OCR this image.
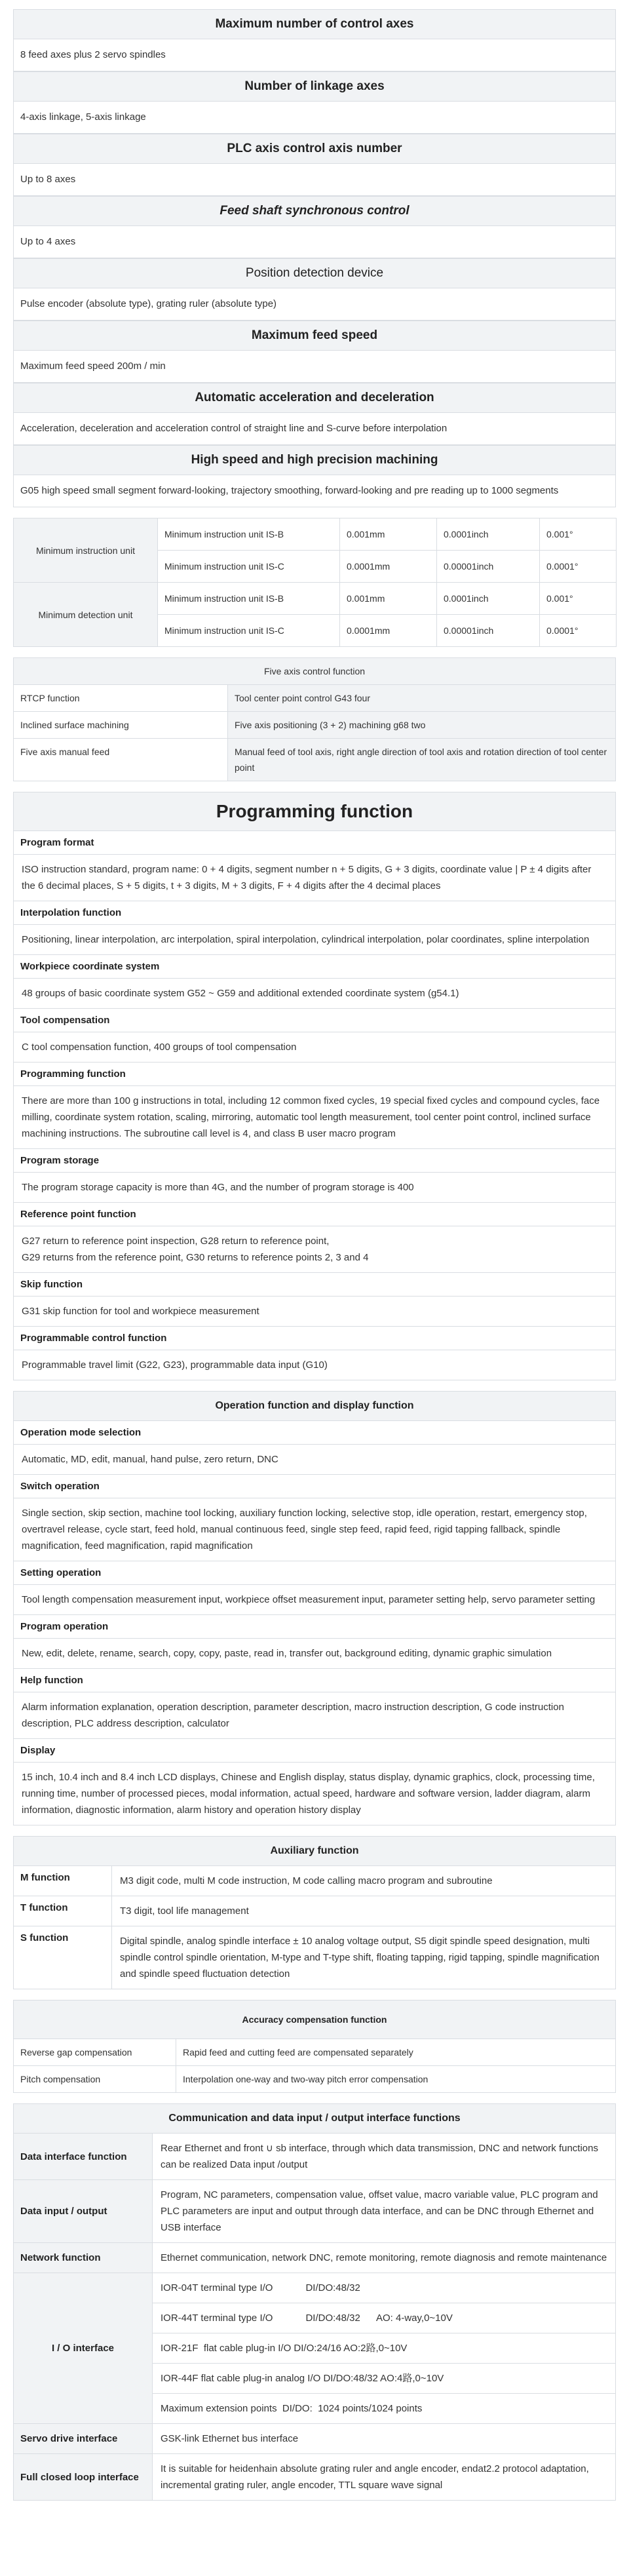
Maximum number of control axes
8 feed axes plus 2 servo spindles
Number of linkage axes
4-axis linkage, 5-axis linkage
PLC axis control axis number
Up to 8 axes
Feed shaft synchronous control
Up to 4 axes
Position detection device
Pulse encoder (absolute type), grating ruler (absolute type)
Maximum feed speed
Maximum feed speed 200m / min
Automatic acceleration and deceleration
Acceleration, deceleration and acceleration control of straight line and S-curve before interpolation
High speed and high precision machining
G05 high speed small segment forward-looking, trajectory smoothing, forward-looking and pre reading up to 1000 segments
Minimum instruction unit	Minimum instruction unit IS-B	0.001mm	0.0001inch	0.001°
	Minimum instruction unit IS-C	0.0001mm	0.00001inch	0.0001°
Minimum detection unit	Minimum instruction unit IS-B	0.001mm	0.0001inch	0.001°
	Minimum instruction unit IS-C	0.0001mm	0.00001inch	0.0001°
Five axis control function	
RTCP function	Tool center point control G43 four
Inclined surface machining	Five axis positioning (3 + 2) machining g68 two
Five axis manual feed	Manual feed of tool axis, right angle direction of tool axis and rotation direction of tool center point
Programming function
Program format

ISO instruction standard, program name: 0 + 4 digits, segment number n + 5 digits, G + 3 digits, coordinate value | P ± 4 digits after the 6 decimal places, S + 5 digits, t + 3 digits, M + 3 digits, F + 4 digits after the 4 decimal places

Interpolation function

Positioning, linear interpolation, arc interpolation, spiral interpolation, cylindrical interpolation, polar coordinates, spline interpolation

Workpiece coordinate system

48 groups of basic coordinate system G52 ~ G59 and additional extended coordinate system (g54.1)

Tool compensation

C tool compensation function, 400 groups of tool compensation

Programming function

There are more than 100 g instructions in total, including 12 common fixed cycles, 19 special fixed cycles and compound cycles, face milling, coordinate system rotation, scaling, mirroring, automatic tool length measurement, tool center point control, inclined surface machining instructions. The subroutine call level is 4, and class B user macro program

Program storage

The program storage capacity is more than 4G, and the number of program storage is 400

Reference point function

G27 return to reference point inspection, G28 return to reference point,
G29 returns from the reference point, G30 returns to reference points 2, 3 and 4

Skip function

G31 skip function for tool and workpiece measurement

Programmable control function

Programmable travel limit (G22, G23), programmable data input (G10)
Operation function and display function
Operation mode selection

Automatic, MD, edit, manual, hand pulse, zero return, DNC

Switch operation

Single section, skip section, machine tool locking, auxiliary function locking, selective stop, idle operation, restart, emergency stop, overtravel release, cycle start, feed hold, manual continuous feed, single step feed, rapid feed, rigid tapping fallback, spindle magnification, feed magnification, rapid magnification

Setting operation

Tool length compensation measurement input, workpiece offset measurement input, parameter setting help, servo parameter setting

Program operation

New, edit, delete, rename, search, copy, copy, paste, read in, transfer out, background editing, dynamic graphic simulation

Help function

Alarm information explanation, operation description, parameter description, macro instruction description, G code instruction description, PLC address description, calculator

Display

15 inch, 10.4 inch and 8.4 inch LCD displays, Chinese and English display, status display, dynamic graphics, clock, processing time, running time, number of processed pieces, modal information, actual speed, hardware and software version, ladder diagram, alarm information, diagnostic information, alarm history and operation history display
Auxiliary function	
M function	M3 digit code, multi M code instruction, M code calling macro program and subroutine
T function	T3 digit, tool life management
S function	Digital spindle, analog spindle interface ± 10 analog voltage output, S5 digit spindle speed designation, multi spindle control spindle orientation, M-type and T-type shift, floating tapping, rigid tapping, spindle magnification and spindle speed fluctuation detection
Accuracy compensation function	
Reverse gap compensation	Rapid feed and cutting feed are compensated separately
Pitch compensation	Interpolation one-way and two-way pitch error compensation
Communication and data input / output interface functions	
Data interface function	Rear Ethernet and front ∪ sb interface, through which data transmission, DNC and network functions can be realized Data input /output
Data input / output	Program, NC parameters, compensation value, offset value, macro variable value, PLC program and PLC parameters are input and output through data interface, and can be DNC through Ethernet and USB interface
Network function	Ethernet communication, network DNC, remote monitoring, remote diagnosis and remote maintenance
I / O interface	IOR-04T terminal type I/O            DI/DO:48/32
	IOR-44T terminal type I/O            DI/DO:48/32      AO: 4-way,0~10V
	IOR-21F  flat cable plug-in I/O DI/O:24/16 AO:2路,0~10V
	IOR-44F flat cable plug-in analog I/O DI/DO:48/32 AO:4路,0~10V
	Maximum extension points  DI/DO:  1024 points/1024 points
Servo drive interface	GSK-link Ethernet bus interface
Full closed loop interface	It is suitable for heidenhain absolute grating ruler and angle encoder, endat2.2 protocol adaptation, incremental grating ruler, angle encoder, TTL square wave signal
